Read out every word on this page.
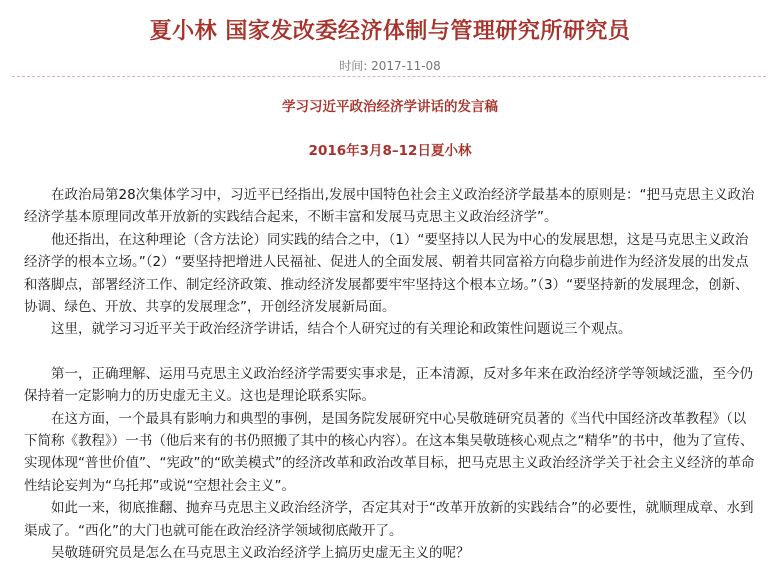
夏小林 国家发改委经济体制与管理研究所研究员
时间: 2017-11-08
学习习近平政治经济学讲话的发言稿
2016年3月8–12日夏小林

在政治局第28次集体学习中，习近平已经指出,发展中国特色社会主义政治经济学最基本的原则是：“把马克思主义政治经济学基本原理同改革开放新的实践结合起来，不断丰富和发展马克思主义政治经济学”。

他还指出，在这种理论（含方法论）同实践的结合之中，（1）“要坚持以人民为中心的发展思想，这是马克思主义政治经济学的根本立场。”（2）“要坚持把增进人民福祉、促进人的全面发展、朝着共同富裕方向稳步前进作为经济发展的出发点和落脚点，部署经济工作、制定经济政策、推动经济发展都要牢牢坚持这个根本立场。”（3）“要坚持新的发展理念，创新、协调、绿色、开放、共享的发展理念”，开创经济发展新局面。

这里，就学习习近平关于政治经济学讲话，结合个人研究过的有关理论和政策性问题说三个观点。

第一，正确理解、运用马克思主义政治经济学需要实事求是，正本清源，反对多年来在政治经济学等领域泛滥，至今仍保持着一定影响力的历史虚无主义。这也是理论联系实际。

在这方面，一个最具有影响力和典型的事例，是国务院发展研究中心吴敬琏研究员著的《当代中国经济改革教程》（以下简称《教程》）一书（他后来有的书仍照搬了其中的核心内容）。在这本集吴敬琏核心观点之“精华”的书中，他为了宣传、实现体现“普世价值”、“宪政”的“欧美模式”的经济改革和政治改革目标，把马克思主义政治经济学关于社会主义经济的革命性结论妄判为“乌托邦”或说“空想社会主义”。

如此一来，彻底推翻、抛弃马克思主义政治经济学，否定其对于“改革开放新的实践结合”的必要性，就顺理成章、水到渠成了。“西化”的大门也就可能在政治经济学领域彻底敞开了。

吴敬琏研究员是怎么在马克思主义政治经济学上搞历史虚无主义的呢？
